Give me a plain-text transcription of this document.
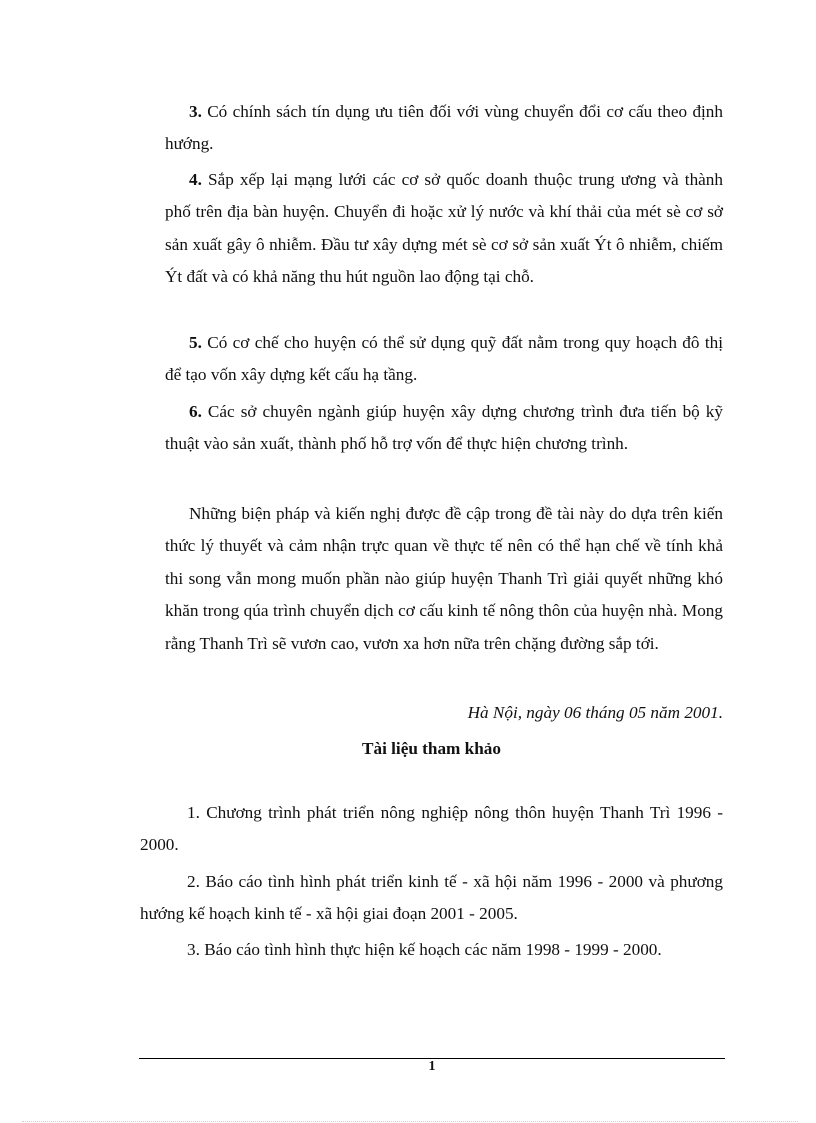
3. Có chính sách tín dụng ưu tiên đối với vùng chuyển đổi cơ cấu theo định hướng.

4. Sắp xếp lại mạng lưới các cơ sở quốc doanh thuộc trung ương và thành phố trên địa bàn huyện. Chuyển đi hoặc xử lý nước và khí thải của mét sè cơ sở sản xuất gây ô nhiễm. Đầu tư xây dựng mét sè cơ sở sản xuất Ýt ô nhiễm, chiếm Ýt đất và có khả năng thu hút nguồn lao động tại chỗ.

5. Có cơ chế cho huyện có thể sử dụng quỹ đất nằm trong quy hoạch đô thị để tạo vốn xây dựng kết cấu hạ tầng.

6. Các sở chuyên ngành giúp huyện xây dựng chương trình đưa tiến bộ kỹ thuật vào sản xuất, thành phố hỗ trợ vốn để thực hiện chương trình.

Những biện pháp và kiến nghị được đề cập trong đề tài này do dựa trên kiến thức lý thuyết và cảm nhận trực quan về thực tế nên có thể hạn chế về tính khả thi song vẫn mong muốn phần nào giúp huyện Thanh Trì giải quyết những khó khăn trong qúa trình chuyển dịch cơ cấu kinh tế nông thôn của huyện nhà. Mong rằng Thanh Trì sẽ vươn cao, vươn xa hơn nữa trên chặng đường sắp tới.

Hà Nội, ngày 06 tháng 05 năm 2001.

Tài liệu tham khảo

1. Chương trình phát triển nông nghiệp nông thôn huyện Thanh Trì 1996 - 2000.

2. Báo cáo tình hình phát triển kinh tế - xã hội năm 1996 - 2000 và phương hướng kế hoạch kinh tế - xã hội giai đoạn 2001 - 2005.

3. Báo cáo tình hình thực hiện kế hoạch các năm 1998 - 1999 - 2000.

1
